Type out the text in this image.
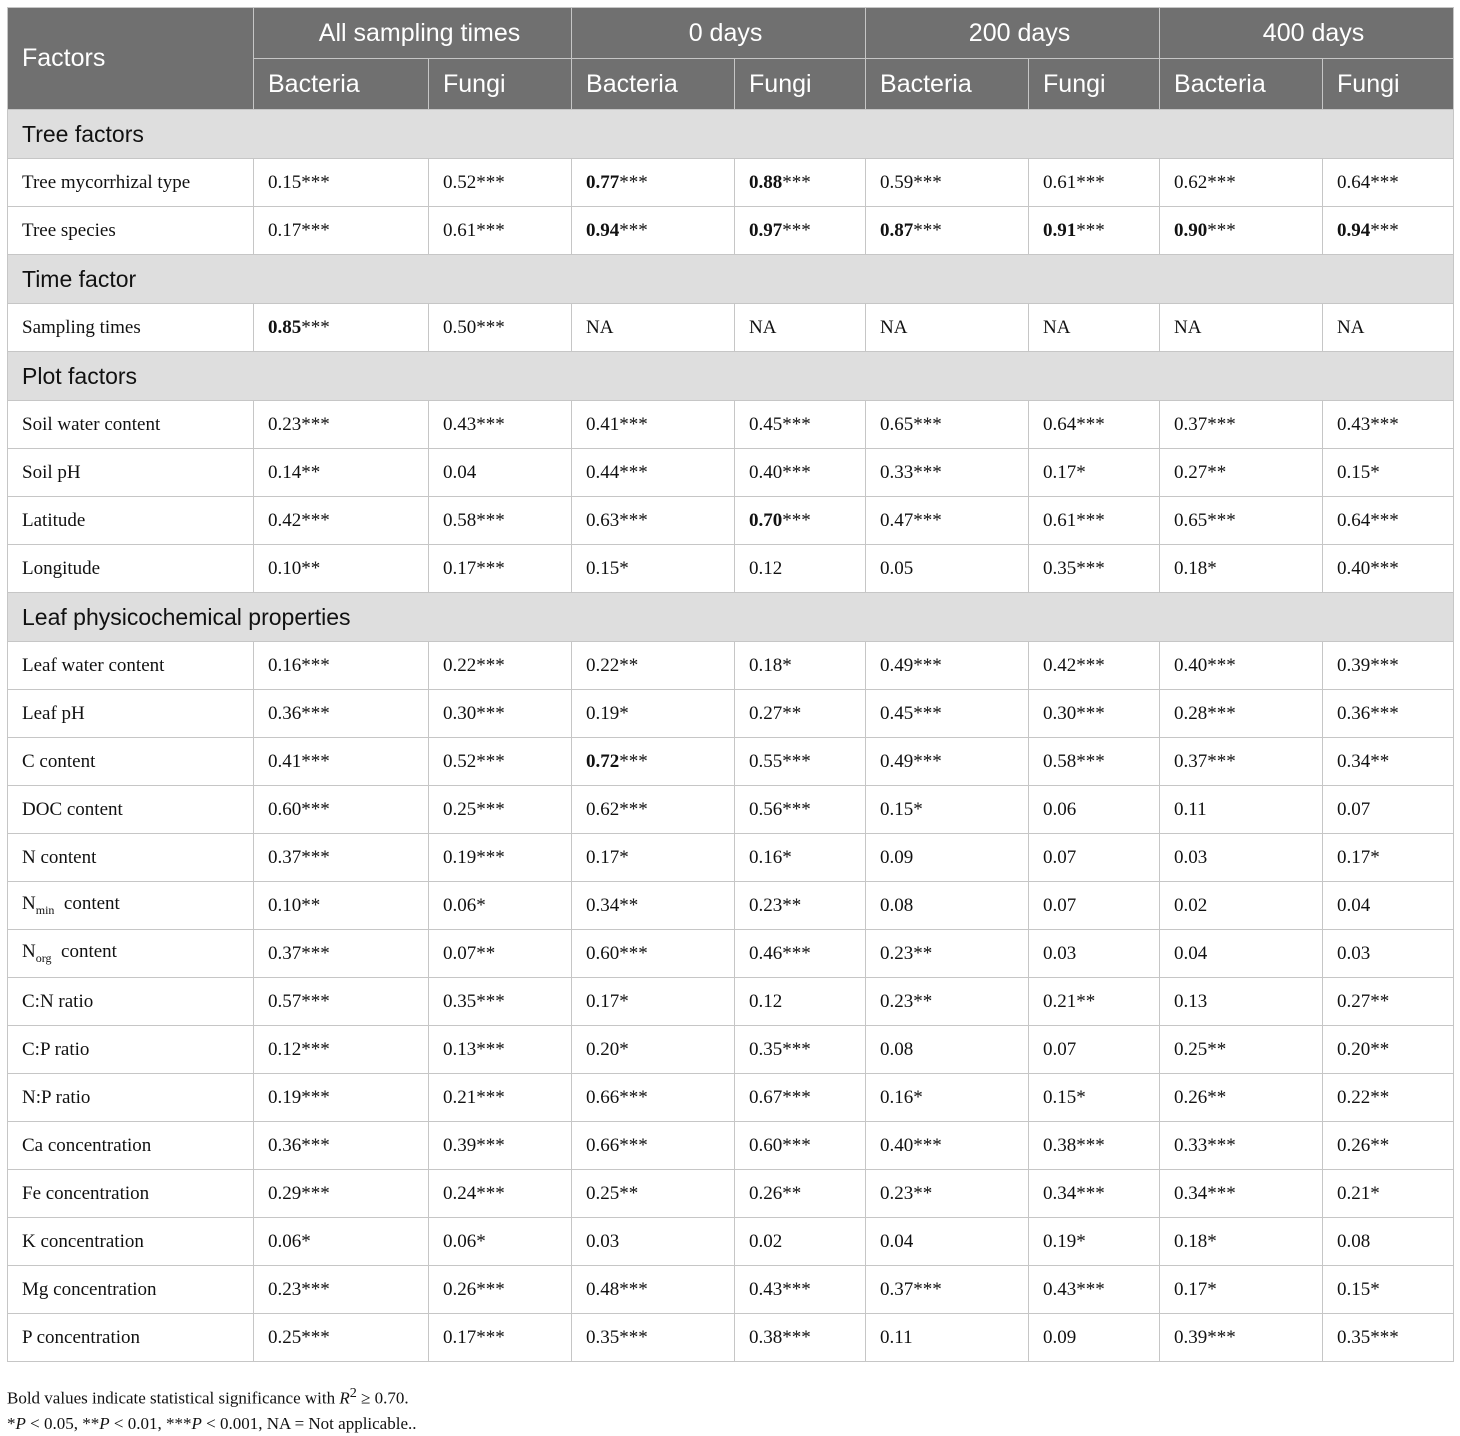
Factors	All sampling times		0 days		200 days		400 days	
	Bacteria	Fungi	Bacteria	Fungi	Bacteria	Fungi	Bacteria	Fungi
Tree factors								
Tree mycorrhizal type	0.15***	0.52***	0.77***	0.88***	0.59***	0.61***	0.62***	0.64***
Tree species	0.17***	0.61***	0.94***	0.97***	0.87***	0.91***	0.90***	0.94***
Time factor								
Sampling times	0.85***	0.50***	NA	NA	NA	NA	NA	NA
Plot factors								
Soil water content	0.23***	0.43***	0.41***	0.45***	0.65***	0.64***	0.37***	0.43***
Soil pH	0.14**	0.04	0.44***	0.40***	0.33***	0.17*	0.27**	0.15*
Latitude	0.42***	0.58***	0.63***	0.70***	0.47***	0.61***	0.65***	0.64***
Longitude	0.10**	0.17***	0.15*	0.12	0.05	0.35***	0.18*	0.40***
Leaf physicochemical properties								
Leaf water content	0.16***	0.22***	0.22**	0.18*	0.49***	0.42***	0.40***	0.39***
Leaf pH	0.36***	0.30***	0.19*	0.27**	0.45***	0.30***	0.28***	0.36***
C content	0.41***	0.52***	0.72***	0.55***	0.49***	0.58***	0.37***	0.34**
DOC content	0.60***	0.25***	0.62***	0.56***	0.15*	0.06	0.11	0.07
N content	0.37***	0.19***	0.17*	0.16*	0.09	0.07	0.03	0.17*
$N_{min}$  content	0.10**	0.06*	0.34**	0.23**	0.08	0.07	0.02	0.04
$N_{org}$  content	0.37***	0.07**	0.60***	0.46***	0.23**	0.03	0.04	0.03
C:N ratio	0.57***	0.35***	0.17*	0.12	0.23**	0.21**	0.13	0.27**
C:P ratio	0.12***	0.13***	0.20*	0.35***	0.08	0.07	0.25**	0.20**
N:P ratio	0.19***	0.21***	0.66***	0.67***	0.16*	0.15*	0.26**	0.22**
Ca concentration	0.36***	0.39***	0.66***	0.60***	0.40***	0.38***	0.33***	0.26**
Fe concentration	0.29***	0.24***	0.25**	0.26**	0.23**	0.34***	0.34***	0.21*
K concentration	0.06*	0.06*	0.03	0.02	0.04	0.19*	0.18*	0.08
Mg concentration	0.23***	0.26***	0.48***	0.43***	0.37***	0.43***	0.17*	0.15*
P concentration	0.25***	0.17***	0.35***	0.38***	0.11	0.09	0.39***	0.35***
Bold values indicate statistical significance with $R^2 \ge 0.70$.
*P < 0.05, **P < 0.01, ***P < 0.001, NA = Not applicable..
